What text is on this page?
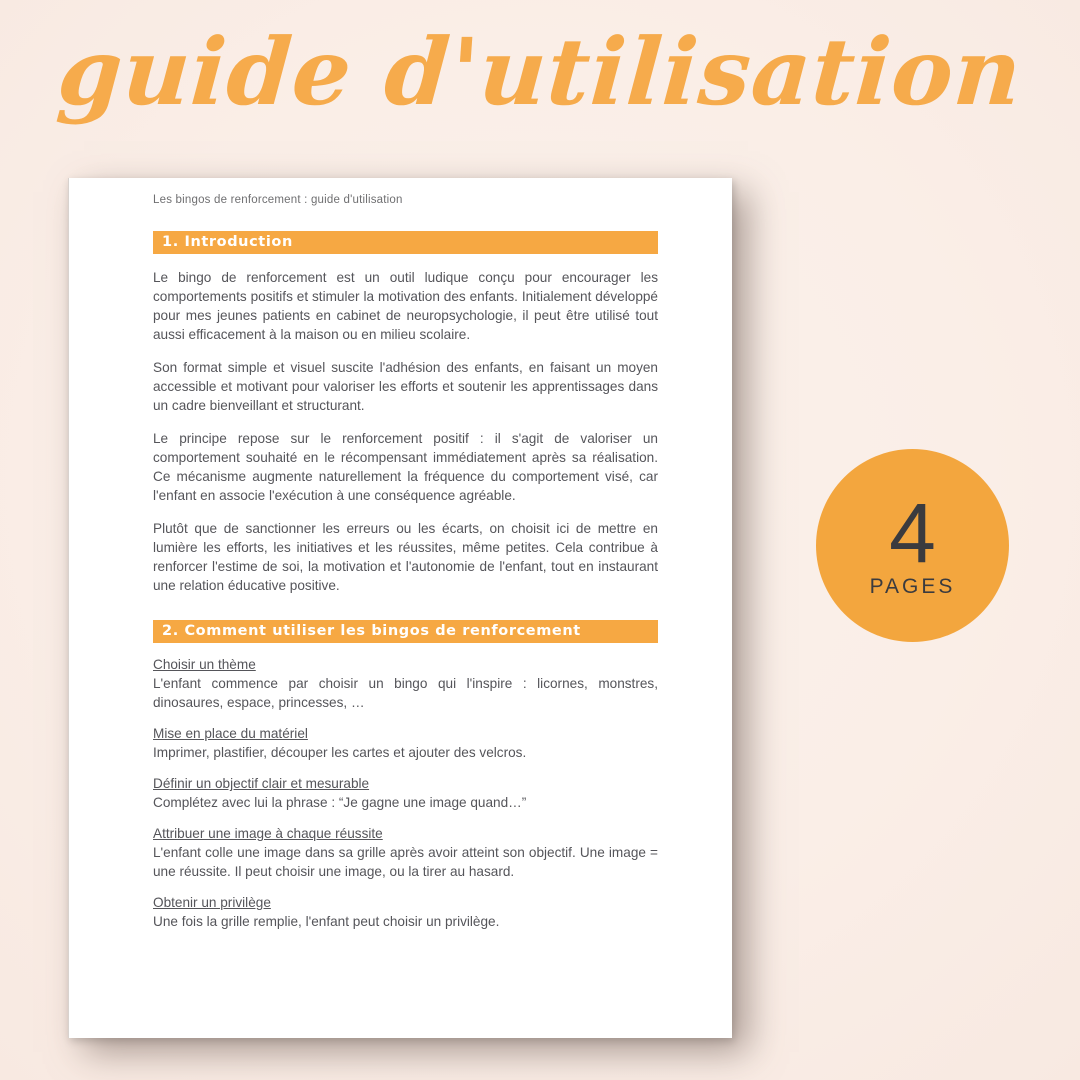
guide d'utilisation
Les bingos de renforcement : guide d'utilisation
1. Introduction

Le bingo de renforcement est un outil ludique conçu pour encourager les comportements positifs et stimuler la motivation des enfants. Initialement développé pour mes jeunes patients en cabinet de neuropsychologie, il peut être utilisé tout aussi efficacement à la maison ou en milieu scolaire.

Son format simple et visuel suscite l'adhésion des enfants, en faisant un moyen accessible et motivant pour valoriser les efforts et soutenir les apprentissages dans un cadre bienveillant et structurant.

Le principe repose sur le renforcement positif : il s'agit de valoriser un comportement souhaité en le récompensant immédiatement après sa réalisation. Ce mécanisme augmente naturellement la fréquence du comportement visé, car l'enfant en associe l'exécution à une conséquence agréable.

Plutôt que de sanctionner les erreurs ou les écarts, on choisit ici de mettre en lumière les efforts, les initiatives et les réussites, même petites. Cela contribue à renforcer l'estime de soi, la motivation et l'autonomie de l'enfant, tout en instaurant une relation éducative positive.

2. Comment utiliser les bingos de renforcement
Choisir un thème
L'enfant commence par choisir un bingo qui l'inspire : licornes, monstres, dinosaures, espace, princesses, …
Mise en place du matériel
Imprimer, plastifier, découper les cartes et ajouter des velcros.
Définir un objectif clair et mesurable
Complétez avec lui la phrase : “Je gagne une image quand…”
Attribuer une image à chaque réussite
L'enfant colle une image dans sa grille après avoir atteint son objectif. Une image = une réussite. Il peut choisir une image, ou la tirer au hasard.
Obtenir un privilège
Une fois la grille remplie, l'enfant peut choisir un privilège.
4
PAGES
